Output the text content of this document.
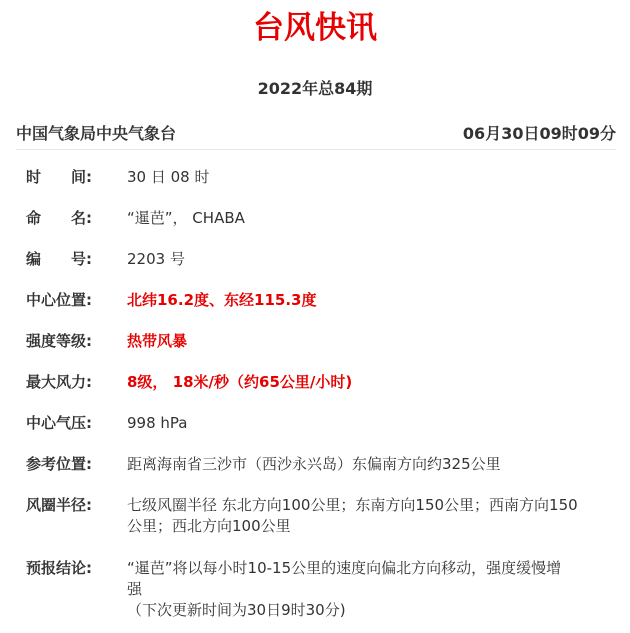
台风快讯
2022年总84期
中国气象局中央气象台	06月30日09时09分
时 间:	30 日 08 时
命 名:	“暹芭”， CHABA
编 号:	2203 号
中心位置:	北纬16.2度、东经115.3度
强度等级:	热带风暴
最大风力:	8级， 18米/秒（约65公里/小时)
中心气压:	998 hPa
参考位置:	距离海南省三沙市（西沙永兴岛）东偏南方向约325公里
风圈半径:	七级风圈半径 东北方向100公里；东南方向150公里；西南方向150
公里；西北方向100公里
预报结论:	“暹芭”将以每小时10-15公里的速度向偏北方向移动，强度缓慢增
强
（下次更新时间为30日9时30分)
